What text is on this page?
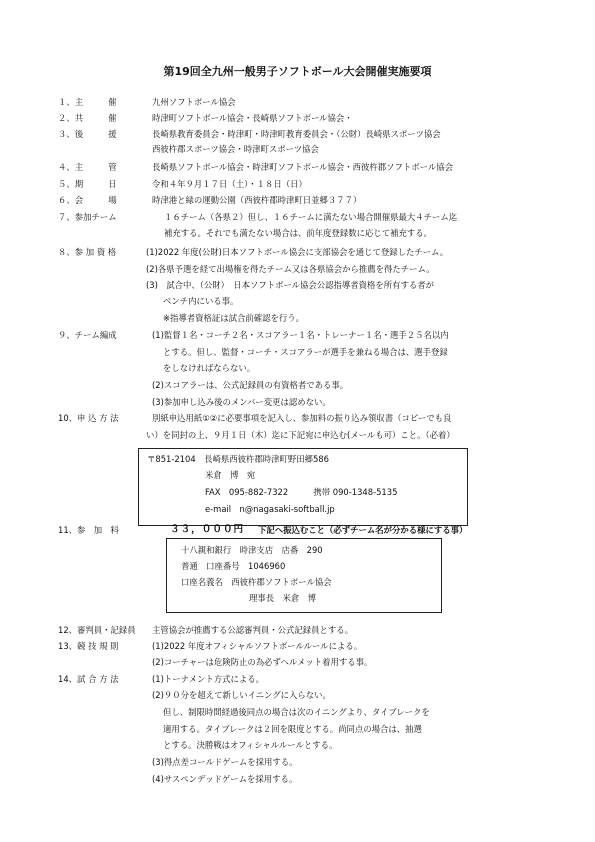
第19回全九州一般男子ソフトボール大会開催実施要項
１、主　　　催	九州ソフトボール協会
２、共　　　催	時津町ソフトボール協会・長崎県ソフトボール協会・
３、後　　　援	長崎県教育委員会・時津町・時津町教育委員会・（公財）長崎県スポーツ協会
西彼杵郡スポーツ協会・時津町スポーツ協会
４、主　　　管	長崎県ソフトボール協会・時津町ソフトボール協会・西彼杵郡ソフトボール協会
５、期　　　日	令和４年９月１７日（土）・１８日（日）
６、会　　　場	時津港と緑の運動公園（西彼杵郡時津町日並郷３７７）
７、参加チーム	１６チーム（各県２）但し、１６チームに満たない場合開催県最大４チーム迄
補充する。それでも満たない場合は、前年度登録数に応じて補充する。
８、参 加 資 格	(1)2022 年度(公財)日本ソフトボール協会に支部協会を通じて登録したチーム。
(2)各県予選を経て出場権を得たチーム又は各県協会から推薦を得たチーム。
(3)　試合中、（公財）　日本ソフトボール協会公認指導者資格を所有する者が
ベンチ内にいる事。
※指導者資格証は試合前確認を行う。
９、チーム編成	(1)監督１名・コーチ２名・スコアラー１名・トレーナー１名・選手２５名以内
とする。但し、監督・コーチ・スコアラーが選手を兼ねる場合は、選手登録
をしなければならない。
(2)スコアラーは、公式記録員の有資格者である事。
(3)参加申し込み後のメンバー変更は認めない。
10、申 込 方 法	別紙申込用紙①②に必要事項を記入し、参加料の振り込み領収書（コピーでも良
い）を同封の上、９月１日（木）迄に下記宛に申込む(メールも可）こと。（必着）
〒851-2104　長崎県西彼杵郡時津町野田郷586
米倉　博　宛
FAX　095-882-7322　　　携帯 090-1348-5135
e-mail　n@nagasaki-softball.jp
11、参　加　料	３３，０００円 下記へ振込むこと（必ずチーム名が分かる様にする事）
十八親和銀行　時津支店　店番　290
普通　口座番号　1046960
口座名義名　西彼杵郡ソフトボール協会
理事長　米倉　博
12、審判員・記録員 主管協会が推薦する公認審判員・公式記録員とする。
13、競 技 規 則	(1)2022 年度オフィシャルソフトボールルールによる。
(2)コーチャーは危険防止の為必ずヘルメット着用する事。
14、試 合 方 法	(1)トーナメント方式による。
(2)９０分を超えて新しいイニングに入らない。
但し、制限時間経過後同点の場合は次のイニングより、タイブレークを
適用する。タイブレークは２回を限度とする。尚同点の場合は、抽選
とする。決勝戦はオフィシャルルールとする。
(3)得点差コールドゲームを採用する。
(4)サスペンデッドゲームを採用する。
